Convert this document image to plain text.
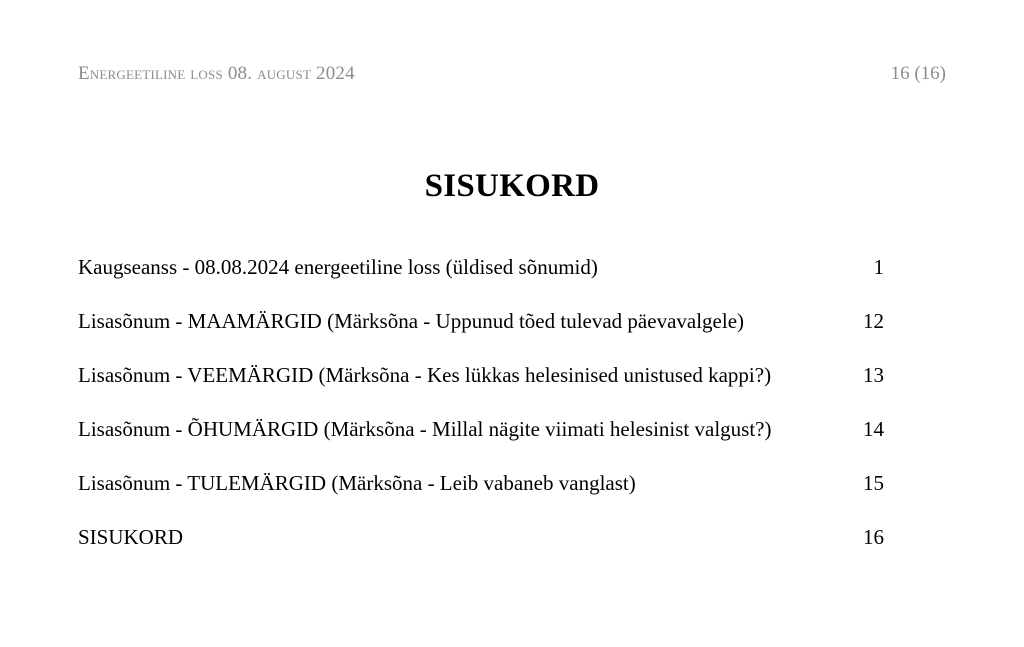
Energeetiline loss 08. august 2024	16 (16)
SISUKORD
Kaugseanss - 08.08.2024 energeetiline loss (üldised sõnumid)	1
Lisasõnum - MAAMÄRGID (Märksõna - Uppunud tõed tulevad päevavalgele)	12
Lisasõnum - VEEMÄRGID (Märksõna - Kes lükkas helesinised unistused kappi?)	13
Lisasõnum - ÕHUMÄRGID (Märksõna - Millal nägite viimati helesinist valgust?)	14
Lisasõnum - TULEMÄRGID (Märksõna - Leib vabaneb vanglast)	15
SISUKORD	16
